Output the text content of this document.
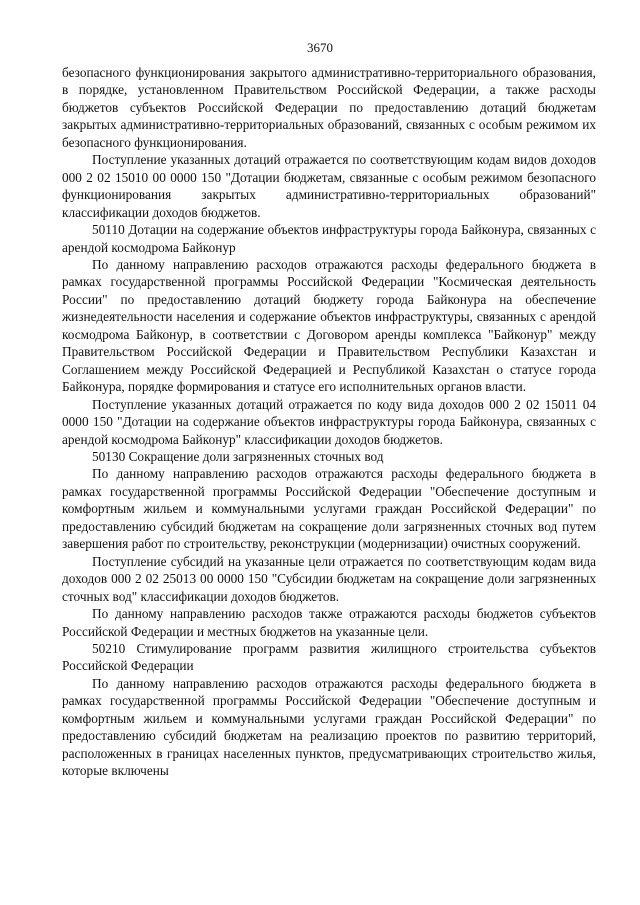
3670

безопасного функционирования закрытого административно-территориального образования, в порядке, установленном Правительством Российской Федерации, а также расходы бюджетов субъектов Российской Федерации по предоставлению дотаций бюджетам закрытых административно-территориальных образований, связанных с особым режимом их безопасного функционирования.

Поступление указанных дотаций отражается по соответствующим кодам видов доходов 000 2 02 15010 00 0000 150 "Дотации бюджетам, связанные с особым режимом безопасного функционирования закрытых административно-территориальных образований" классификации доходов бюджетов.

50110 Дотации на содержание объектов инфраструктуры города Байконура, связанных с арендой космодрома Байконур

По данному направлению расходов отражаются расходы федерального бюджета в рамках государственной программы Российской Федерации "Космическая деятельность России" по предоставлению дотаций бюджету города Байконура на обеспечение жизнедеятельности населения и содержание объектов инфраструктуры, связанных с арендой космодрома Байконур, в соответствии с Договором аренды комплекса "Байконур" между Правительством Российской Федерации и Правительством Республики Казахстан и Соглашением между Российской Федерацией и Республикой Казахстан о статусе города Байконура, порядке формирования и статусе его исполнительных органов власти.

Поступление указанных дотаций отражается по коду вида доходов 000 2 02 15011 04 0000 150 "Дотации на содержание объектов инфраструктуры города Байконура, связанных с арендой космодрома Байконур" классификации доходов бюджетов.

50130 Сокращение доли загрязненных сточных вод

По данному направлению расходов отражаются расходы федерального бюджета в рамках государственной программы Российской Федерации "Обеспечение доступным и комфортным жильем и коммунальными услугами граждан Российской Федерации" по предоставлению субсидий бюджетам на сокращение доли загрязненных сточных вод путем завершения работ по строительству, реконструкции (модернизации) очистных сооружений.

Поступление субсидий на указанные цели отражается по соответствующим кодам вида доходов 000 2 02 25013 00 0000 150 "Субсидии бюджетам на сокращение доли загрязненных сточных вод" классификации доходов бюджетов.

По данному направлению расходов также отражаются расходы бюджетов субъектов Российской Федерации и местных бюджетов на указанные цели.

50210 Стимулирование программ развития жилищного строительства субъектов Российской Федерации

По данному направлению расходов отражаются расходы федерального бюджета в рамках государственной программы Российской Федерации "Обеспечение доступным и комфортным жильем и коммунальными услугами граждан Российской Федерации" по предоставлению субсидий бюджетам на реализацию проектов по развитию территорий, расположенных в границах населенных пунктов, предусматривающих строительство жилья, которые включены
